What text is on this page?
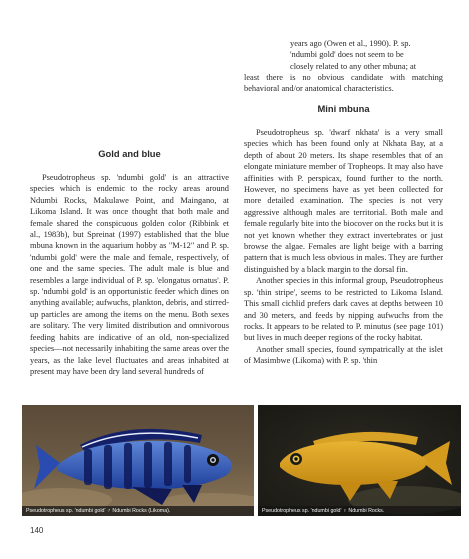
years ago (Owen et al., 1990). P. sp.

'ndumbi gold' does not seem to be

closely related to any other mbuna; at

least there is no obvious candidate with matching behavioral and/or anatomical characteristics.

Gold and blue

Pseudotropheus sp. 'ndumbi gold' is an attractive species which is endemic to the rocky areas around Ndumbi Rocks, Makulawe Point, and Maingano, at Likoma Island. It was once thought that both male and female shared the conspicuous golden color (Ribbink et al., 1983b), but Spreinat (1997) established that the blue mbuna known in the aquarium hobby as "M-12" and P. sp. 'ndumbi gold' were the male and female, respectively, of one and the same species. The adult male is blue and resembles a large individual of P. sp. 'elongatus ornatus'. P. sp. 'ndumbi gold' is an opportunistic feeder which dines on anything available; aufwuchs, plankton, debris, and stirred-up particles are among the items on the menu. Both sexes are solitary. The very limited distribution and omnivorous feeding habits are indicative of an old, non-specialized species—not necessarily inhabiting the same areas over the years, as the lake level fluctuates and areas inhabited at present may have been dry land several hundreds of

Mini mbuna

Pseudotropheus sp. 'dwarf nkhata' is a very small species which has been found only at Nkhata Bay, at a depth of about 20 meters. Its shape resembles that of an elongate miniature member of Tropheops. It may also have affinities with P. perspicax, found further to the north. However, no specimens have as yet been collected for more detailed examination. The species is not very aggressive although males are territorial. Both male and female regularly bite into the biocover on the rocks but it is not yet known whether they extract invertebrates or just browse the algae. Females are light beige with a barring pattern that is much less obvious in males. They are further distinguished by a black margin to the dorsal fin.

Another species in this informal group, Pseudotropheus sp. 'thin stripe', seems to be restricted to Likoma Island. This small cichlid prefers dark caves at depths between 10 and 30 meters, and feeds by nipping aufwuchs from the rocks. It appears to be related to P. minutus (see page 101) but lives in much deeper regions of the rocky habitat.

Another small species, found sympatrically at the islet of Masimbwe (Likoma) with P. sp. 'thin

Pseudotropheus sp. 'ndumbi gold' ♂ Ndumbi Rocks (Likoma).	Pseudotropheus sp. 'ndumbi gold' ♀ Ndumbi Rocks.
140
